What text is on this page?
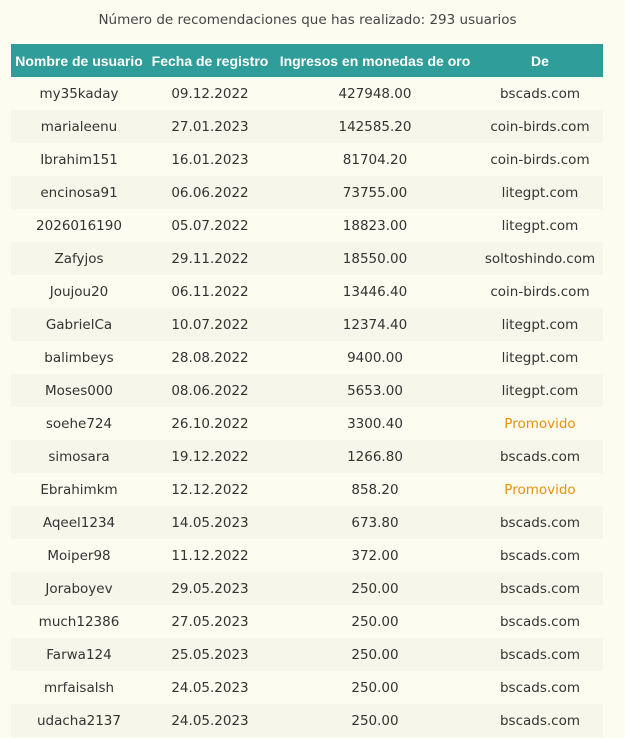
Número de recomendaciones que has realizado: 293 usuarios
Nombre de usuario	Fecha de registro	Ingresos en monedas de oro	De
my35kaday	09.12.2022	427948.00	bscads.com
marialeenu	27.01.2023	142585.20	coin-birds.com
Ibrahim151	16.01.2023	81704.20	coin-birds.com
encinosa91	06.06.2022	73755.00	litegpt.com
2026016190	05.07.2022	18823.00	litegpt.com
Zafyjos	29.11.2022	18550.00	soltoshindo.com
Joujou20	06.11.2022	13446.40	coin-birds.com
GabrielCa	10.07.2022	12374.40	litegpt.com
balimbeys	28.08.2022	9400.00	litegpt.com
Moses000	08.06.2022	5653.00	litegpt.com
soehe724	26.10.2022	3300.40	Promovido
simosara	19.12.2022	1266.80	bscads.com
Ebrahimkm	12.12.2022	858.20	Promovido
Aqeel1234	14.05.2023	673.80	bscads.com
Moiper98	11.12.2022	372.00	bscads.com
Joraboyev	29.05.2023	250.00	bscads.com
much12386	27.05.2023	250.00	bscads.com
Farwa124	25.05.2023	250.00	bscads.com
mrfaisalsh	24.05.2023	250.00	bscads.com
udacha2137	24.05.2023	250.00	bscads.com
